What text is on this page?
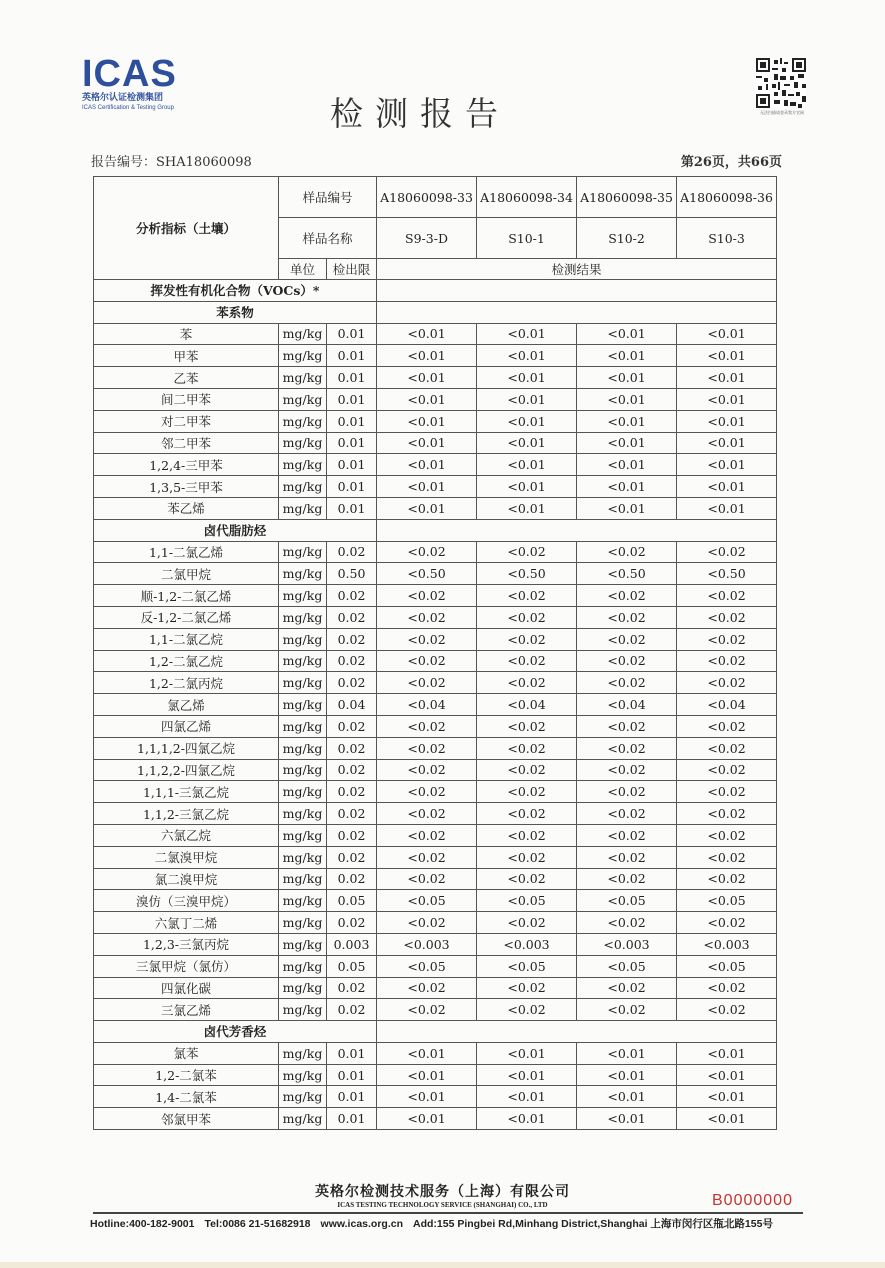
ICAS
英格尔认证检测集团
ICAS Certification & Testing Group	检测报告	无法扫描请登录我方官网
报告编号：SHA18060098	第26页，共66页
分析指标（土壤）	样品编号		A18060098-33	A18060098-34	A18060098-35	A18060098-36
	样品名称		S9-3-D	S10-1	S10-2	S10-3
	单位	检出限	检测结果			
挥发性有机化合物（VOCs）*						
苯系物						
苯	mg/kg	0.01	<0.01	<0.01	<0.01	<0.01
甲苯	mg/kg	0.01	<0.01	<0.01	<0.01	<0.01
乙苯	mg/kg	0.01	<0.01	<0.01	<0.01	<0.01
间二甲苯	mg/kg	0.01	<0.01	<0.01	<0.01	<0.01
对二甲苯	mg/kg	0.01	<0.01	<0.01	<0.01	<0.01
邻二甲苯	mg/kg	0.01	<0.01	<0.01	<0.01	<0.01
1,2,4-三甲苯	mg/kg	0.01	<0.01	<0.01	<0.01	<0.01
1,3,5-三甲苯	mg/kg	0.01	<0.01	<0.01	<0.01	<0.01
苯乙烯	mg/kg	0.01	<0.01	<0.01	<0.01	<0.01
卤代脂肪烃						
1,1-二氯乙烯	mg/kg	0.02	<0.02	<0.02	<0.02	<0.02
二氯甲烷	mg/kg	0.50	<0.50	<0.50	<0.50	<0.50
顺-1,2-二氯乙烯	mg/kg	0.02	<0.02	<0.02	<0.02	<0.02
反-1,2-二氯乙烯	mg/kg	0.02	<0.02	<0.02	<0.02	<0.02
1,1-二氯乙烷	mg/kg	0.02	<0.02	<0.02	<0.02	<0.02
1,2-二氯乙烷	mg/kg	0.02	<0.02	<0.02	<0.02	<0.02
1,2-二氯丙烷	mg/kg	0.02	<0.02	<0.02	<0.02	<0.02
氯乙烯	mg/kg	0.04	<0.04	<0.04	<0.04	<0.04
四氯乙烯	mg/kg	0.02	<0.02	<0.02	<0.02	<0.02
1,1,1,2-四氯乙烷	mg/kg	0.02	<0.02	<0.02	<0.02	<0.02
1,1,2,2-四氯乙烷	mg/kg	0.02	<0.02	<0.02	<0.02	<0.02
1,1,1-三氯乙烷	mg/kg	0.02	<0.02	<0.02	<0.02	<0.02
1,1,2-三氯乙烷	mg/kg	0.02	<0.02	<0.02	<0.02	<0.02
六氯乙烷	mg/kg	0.02	<0.02	<0.02	<0.02	<0.02
二氯溴甲烷	mg/kg	0.02	<0.02	<0.02	<0.02	<0.02
氯二溴甲烷	mg/kg	0.02	<0.02	<0.02	<0.02	<0.02
溴仿（三溴甲烷）	mg/kg	0.05	<0.05	<0.05	<0.05	<0.05
六氯丁二烯	mg/kg	0.02	<0.02	<0.02	<0.02	<0.02
1,2,3-三氯丙烷	mg/kg	0.003	<0.003	<0.003	<0.003	<0.003
三氯甲烷（氯仿）	mg/kg	0.05	<0.05	<0.05	<0.05	<0.05
四氯化碳	mg/kg	0.02	<0.02	<0.02	<0.02	<0.02
三氯乙烯	mg/kg	0.02	<0.02	<0.02	<0.02	<0.02
卤代芳香烃						
氯苯	mg/kg	0.01	<0.01	<0.01	<0.01	<0.01
1,2-二氯苯	mg/kg	0.01	<0.01	<0.01	<0.01	<0.01
1,4-二氯苯	mg/kg	0.01	<0.01	<0.01	<0.01	<0.01
邻氯甲苯	mg/kg	0.01	<0.01	<0.01	<0.01	<0.01
英格尔检测技术服务（上海）有限公司
ICAS TESTING TECHNOLOGY SERVICE (SHANGHAI) CO., LTD	B0000000
Hotline:400-182-9001 Tel:0086 21-51682918 www.icas.org.cn Add:155 Pingbei Rd,Minhang District,Shanghai 上海市闵行区甁北路155号
